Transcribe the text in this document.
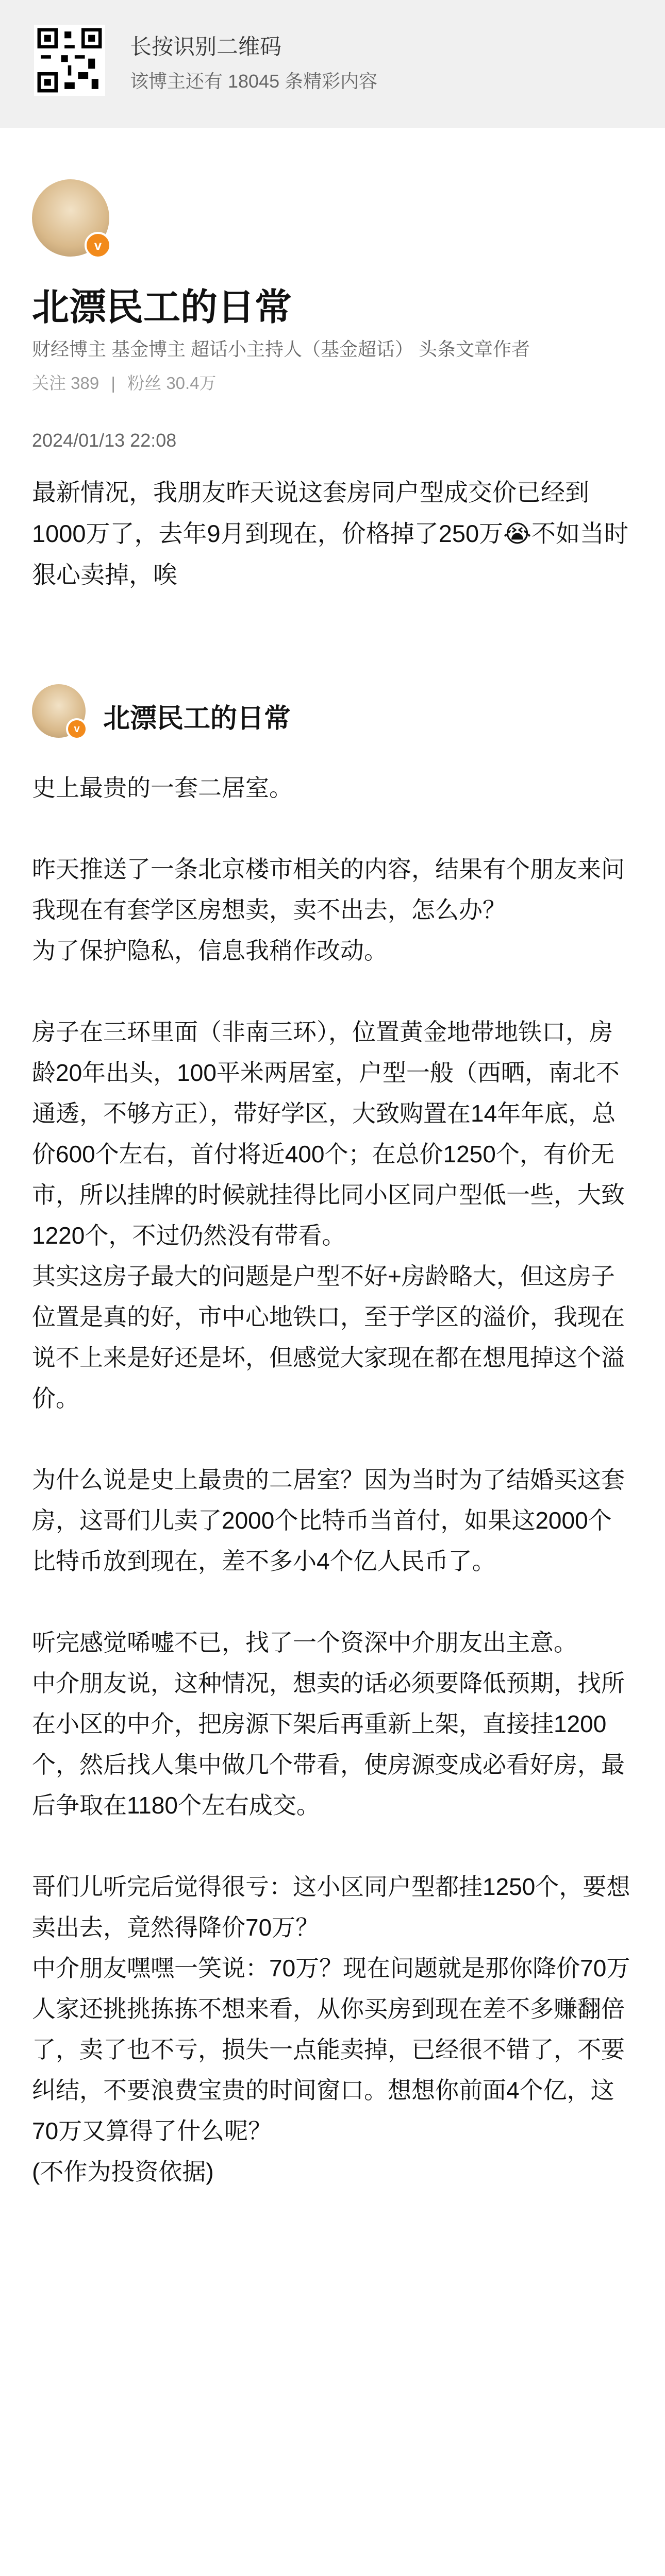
长按识别二维码
该博主还有 18045 条精彩内容
v
北漂民工的日常
财经博主 基金博主 超话小主持人（基金超话） 头条文章作者
关注 389 | 粉丝 30.4万
2024/01/13 22:08
最新情况，我朋友昨天说这套房同户型成交价已经到1000万了，去年9月到现在，价格掉了250万😭不如当时狠心卖掉，唉
v 北漂民工的日常

史上最贵的一套二居室。

昨天推送了一条北京楼市相关的内容，结果有个朋友来问我现在有套学区房想卖，卖不出去，怎么办？

为了保护隐私，信息我稍作改动。

房子在三环里面（非南三环），位置黄金地带地铁口，房龄20年出头，100平米两居室，户型一般（西晒，南北不通透，不够方正），带好学区，大致购置在14年年底，总价600个左右，首付将近400个；在总价1250个，有价无市，所以挂牌的时候就挂得比同小区同户型低一些，大致1220个，不过仍然没有带看。

其实这房子最大的问题是户型不好+房龄略大，但这房子位置是真的好，市中心地铁口，至于学区的溢价，我现在说不上来是好还是坏，但感觉大家现在都在想甩掉这个溢价。

为什么说是史上最贵的二居室？因为当时为了结婚买这套房，这哥们儿卖了2000个比特币当首付，如果这2000个比特币放到现在，差不多小4个亿人民币了。

听完感觉唏嘘不已，找了一个资深中介朋友出主意。

中介朋友说，这种情况，想卖的话必须要降低预期，找所在小区的中介，把房源下架后再重新上架，直接挂1200个，然后找人集中做几个带看，使房源变成必看好房，最后争取在1180个左右成交。

哥们儿听完后觉得很亏：这小区同户型都挂1250个，要想卖出去，竟然得降价70万？

中介朋友嘿嘿一笑说：70万？现在问题就是那你降价70万人家还挑挑拣拣不想来看，从你买房到现在差不多赚翻倍了，卖了也不亏，损失一点能卖掉，已经很不错了，不要纠结，不要浪费宝贵的时间窗口。想想你前面4个亿，这70万又算得了什么呢？

(不作为投资依据)
